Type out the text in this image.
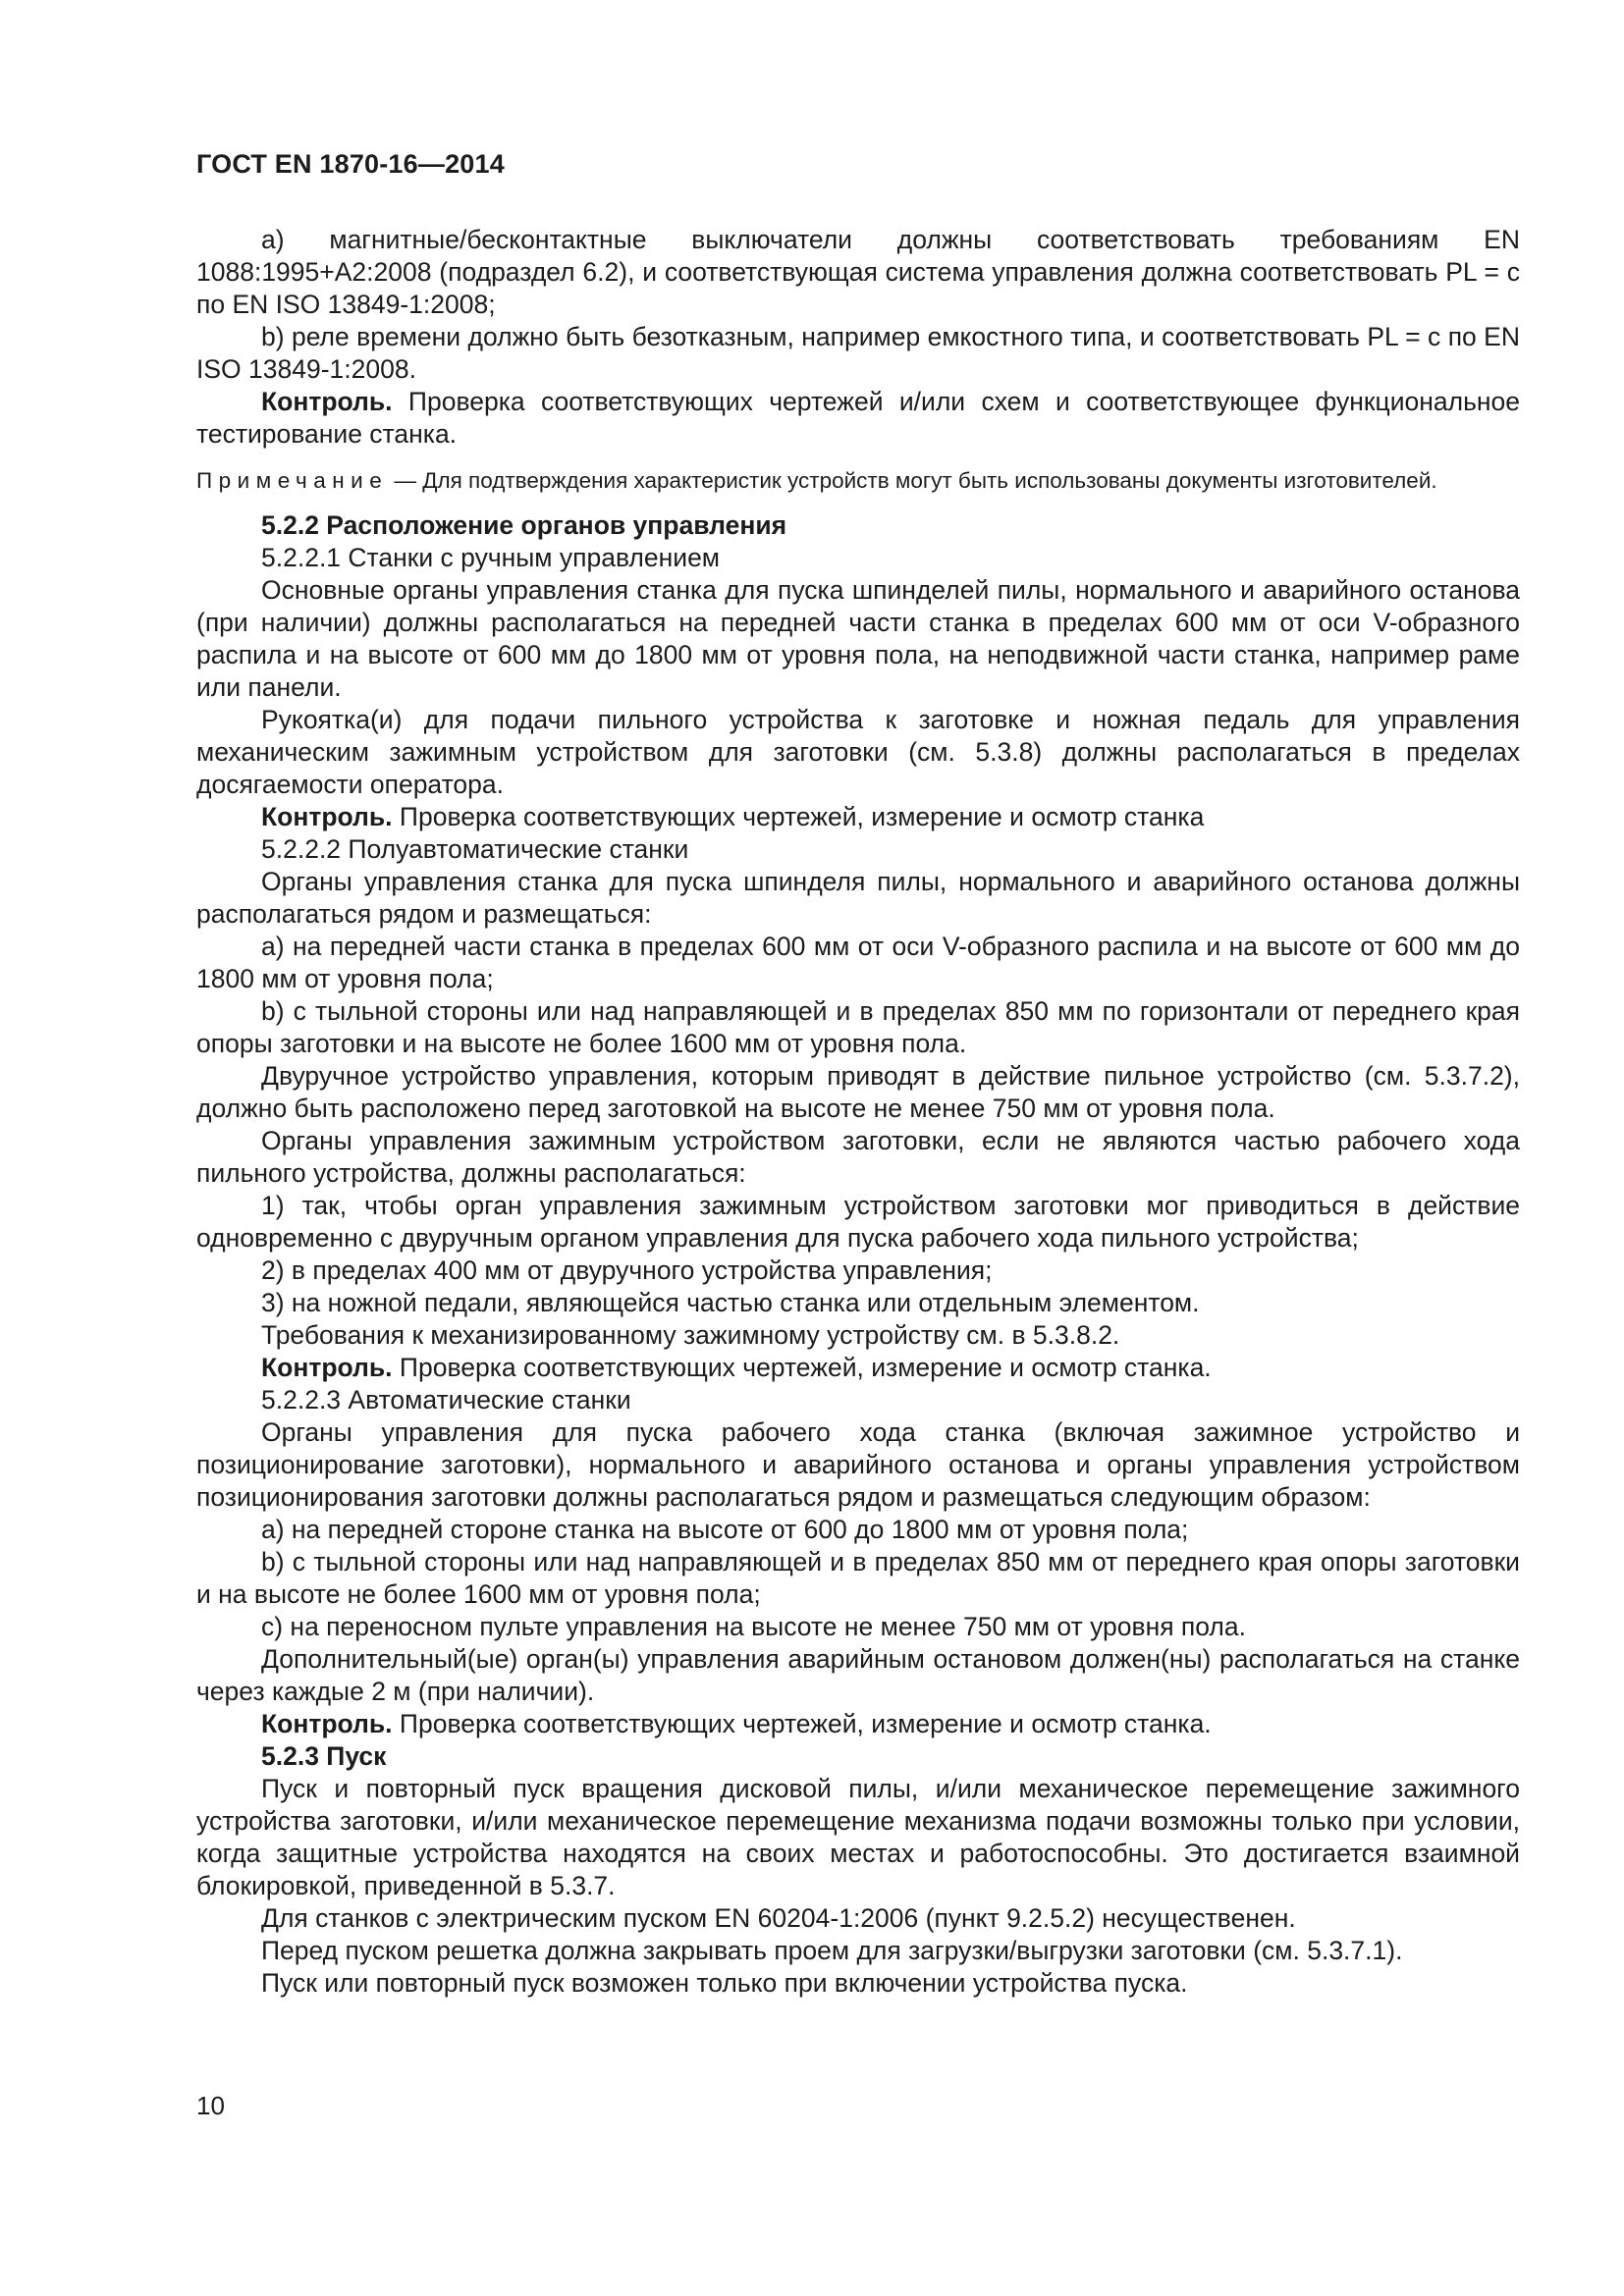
ГОСТ EN 1870-16—2014

а) магнитные/бесконтактные выключатели должны соответствовать требованиям EN 1088:1995+A2:2008 (подраздел 6.2), и соответствующая система управления должна соответствовать PL = c по EN ISO 13849-1:2008;

b) реле времени должно быть безотказным, например емкостного типа, и соответствовать PL = c по EN ISO 13849-1:2008.

Контроль. Проверка соответствующих чертежей и/или схем и соответствующее функциональное тестирование станка.

Примечание — Для подтверждения характеристик устройств могут быть использованы документы изготовителей.

5.2.2 Расположение органов управления

5.2.2.1 Станки с ручным управлением

Основные органы управления станка для пуска шпинделей пилы, нормального и аварийного останова (при наличии) должны располагаться на передней части станка в пределах 600 мм от оси V-образного распила и на высоте от 600 мм до 1800 мм от уровня пола, на неподвижной части станка, например раме или панели.

Рукоятка(и) для подачи пильного устройства к заготовке и ножная педаль для управления механическим зажимным устройством для заготовки (см. 5.3.8) должны располагаться в пределах досягаемости оператора.

Контроль. Проверка соответствующих чертежей, измерение и осмотр станка

5.2.2.2 Полуавтоматические станки

Органы управления станка для пуска шпинделя пилы, нормального и аварийного останова должны располагаться рядом и размещаться:

а) на передней части станка в пределах 600 мм от оси V-образного распила и на высоте от 600 мм до 1800 мм от уровня пола;

b) с тыльной стороны или над направляющей и в пределах 850 мм по горизонтали от переднего края опоры заготовки и на высоте не более 1600 мм от уровня пола.

Двуручное устройство управления, которым приводят в действие пильное устройство (см. 5.3.7.2), должно быть расположено перед заготовкой на высоте не менее 750 мм от уровня пола.

Органы управления зажимным устройством заготовки, если не являются частью рабочего хода пильного устройства, должны располагаться:

1) так, чтобы орган управления зажимным устройством заготовки мог приводиться в действие одновременно с двуручным органом управления для пуска рабочего хода пильного устройства;

2) в пределах 400 мм от двуручного устройства управления;

3) на ножной педали, являющейся частью станка или отдельным элементом.

Требования к механизированному зажимному устройству см. в 5.3.8.2.

Контроль. Проверка соответствующих чертежей, измерение и осмотр станка.

5.2.2.3 Автоматические станки

Органы управления для пуска рабочего хода станка (включая зажимное устройство и позиционирование заготовки), нормального и аварийного останова и органы управления устройством позиционирования заготовки должны располагаться рядом и размещаться следующим образом:

а) на передней стороне станка на высоте от 600 до 1800 мм от уровня пола;

b) с тыльной стороны или над направляющей и в пределах 850 мм от переднего края опоры заготовки и на высоте не более 1600 мм от уровня пола;

с) на переносном пульте управления на высоте не менее 750 мм от уровня пола.

Дополнительный(ые) орган(ы) управления аварийным остановом должен(ны) располагаться на станке через каждые 2 м (при наличии).

Контроль. Проверка соответствующих чертежей, измерение и осмотр станка.

5.2.3 Пуск

Пуск и повторный пуск вращения дисковой пилы, и/или механическое перемещение зажимного устройства заготовки, и/или механическое перемещение механизма подачи возможны только при условии, когда защитные устройства находятся на своих местах и работоспособны. Это достигается взаимной блокировкой, приведенной в 5.3.7.

Для станков с электрическим пуском EN 60204-1:2006 (пункт 9.2.5.2) несущественен.

Перед пуском решетка должна закрывать проем для загрузки/выгрузки заготовки (см. 5.3.7.1).

Пуск или повторный пуск возможен только при включении устройства пуска.

10
